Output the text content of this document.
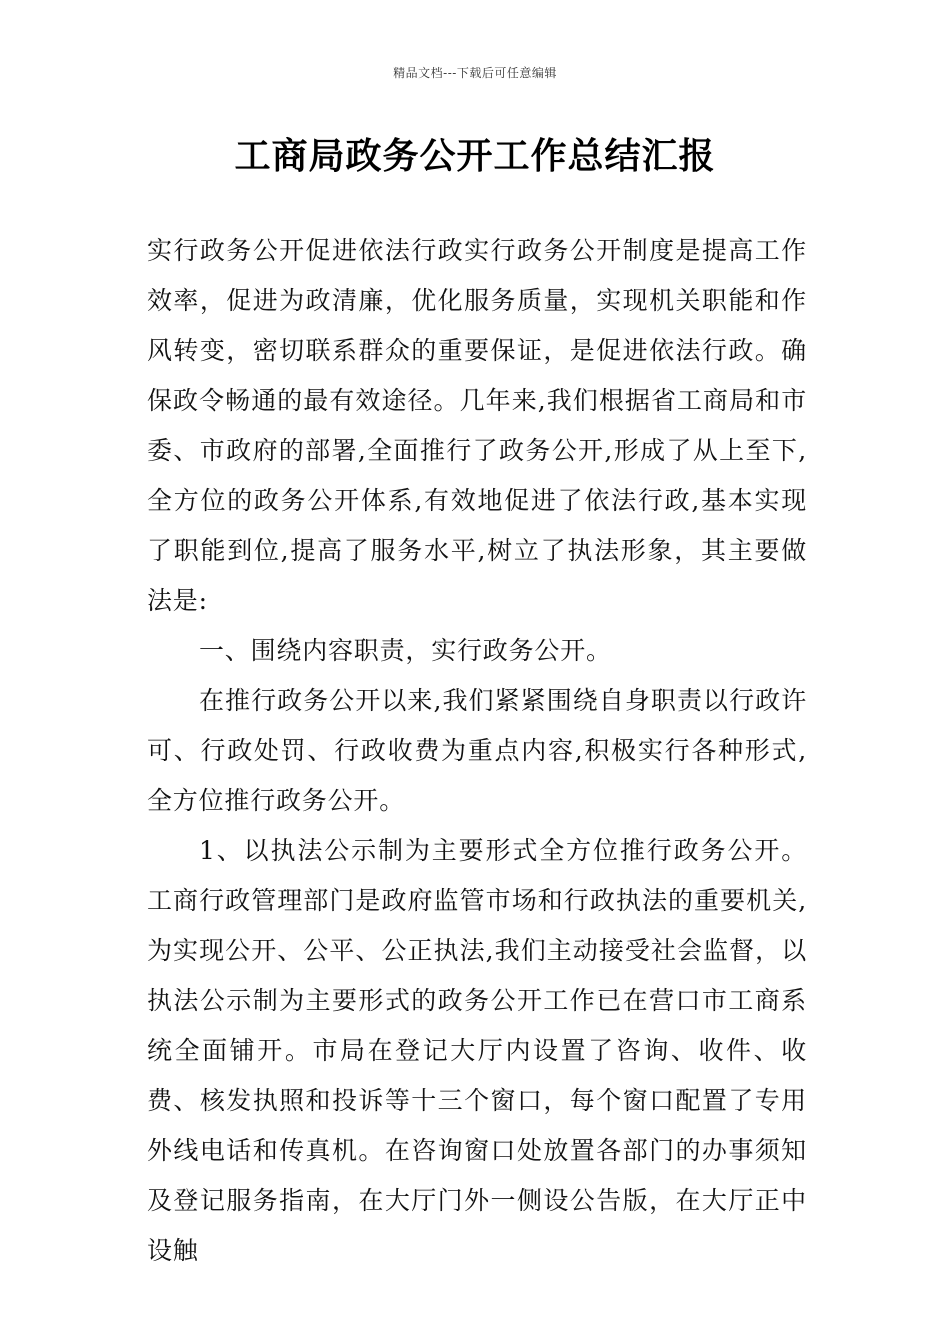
精品文档---下载后可任意编辑
工商局政务公开工作总结汇报

实行政务公开促进依法行政实行政务公开制度是提高工作效率，促进为政清廉，优化服务质量，实现机关职能和作风转变，密切联系群众的重要保证，是促进依法行政。确保政令畅通的最有效途径。几年来,我们根据省工商局和市委、市政府的部署,全面推行了政务公开,形成了从上至下,全方位的政务公开体系,有效地促进了依法行政,基本实现了职能到位,提高了服务水平,树立了执法形象，其主要做法是:

一、围绕内容职责，实行政务公开。

在推行政务公开以来,我们紧紧围绕自身职责以行政许可、行政处罚、行政收费为重点内容,积极实行各种形式,全方位推行政务公开。

1、以执法公示制为主要形式全方位推行政务公开。工商行政管理部门是政府监管市场和行政执法的重要机关,为实现公开、公平、公正执法,我们主动接受社会监督，以执法公示制为主要形式的政务公开工作已在营口市工商系统全面铺开。市局在登记大厅内设置了咨询、收件、收费、核发执照和投诉等十三个窗口，每个窗口配置了专用外线电话和传真机。在咨询窗口处放置各部门的办事须知及登记服务指南，在大厅门外一侧设公告版，在大厅正中设触
